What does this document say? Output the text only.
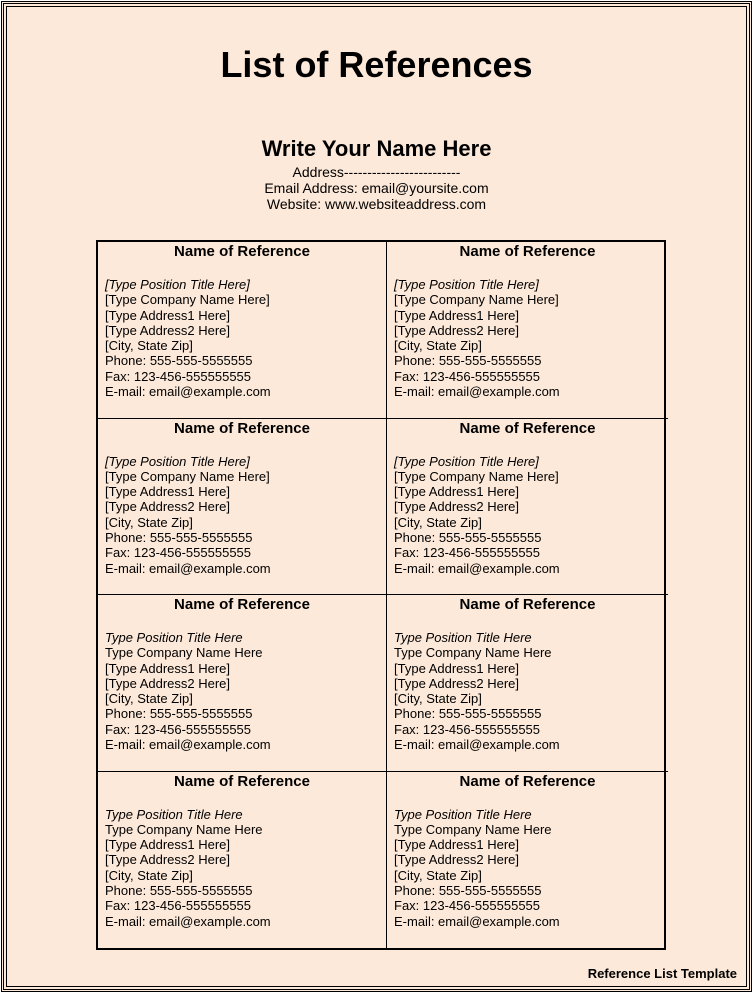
List of References
Write Your Name Here
Address-------------------------
Email Address: email@yoursite.com
Website: www.websiteaddress.com
Name of Reference
[Type Position Title Here]
[Type Company Name Here]
[Type Address1 Here]
[Type Address2 Here]
[City, State Zip]
Phone: 555-555-5555555
Fax: 123-456-555555555
E-mail: email@example.com
Name of Reference
[Type Position Title Here]
[Type Company Name Here]
[Type Address1 Here]
[Type Address2 Here]
[City, State Zip]
Phone: 555-555-5555555
Fax: 123-456-555555555
E-mail: email@example.com
Name of Reference
[Type Position Title Here]
[Type Company Name Here]
[Type Address1 Here]
[Type Address2 Here]
[City, State Zip]
Phone: 555-555-5555555
Fax: 123-456-555555555
E-mail: email@example.com
Name of Reference
[Type Position Title Here]
[Type Company Name Here]
[Type Address1 Here]
[Type Address2 Here]
[City, State Zip]
Phone: 555-555-5555555
Fax: 123-456-555555555
E-mail: email@example.com
Name of Reference
Type Position Title Here
Type Company Name Here
[Type Address1 Here]
[Type Address2 Here]
[City, State Zip]
Phone: 555-555-5555555
Fax: 123-456-555555555
E-mail: email@example.com
Name of Reference
Type Position Title Here
Type Company Name Here
[Type Address1 Here]
[Type Address2 Here]
[City, State Zip]
Phone: 555-555-5555555
Fax: 123-456-555555555
E-mail: email@example.com
Name of Reference
Type Position Title Here
Type Company Name Here
[Type Address1 Here]
[Type Address2 Here]
[City, State Zip]
Phone: 555-555-5555555
Fax: 123-456-555555555
E-mail: email@example.com
Name of Reference
Type Position Title Here
Type Company Name Here
[Type Address1 Here]
[Type Address2 Here]
[City, State Zip]
Phone: 555-555-5555555
Fax: 123-456-555555555
E-mail: email@example.com
Reference List Template
